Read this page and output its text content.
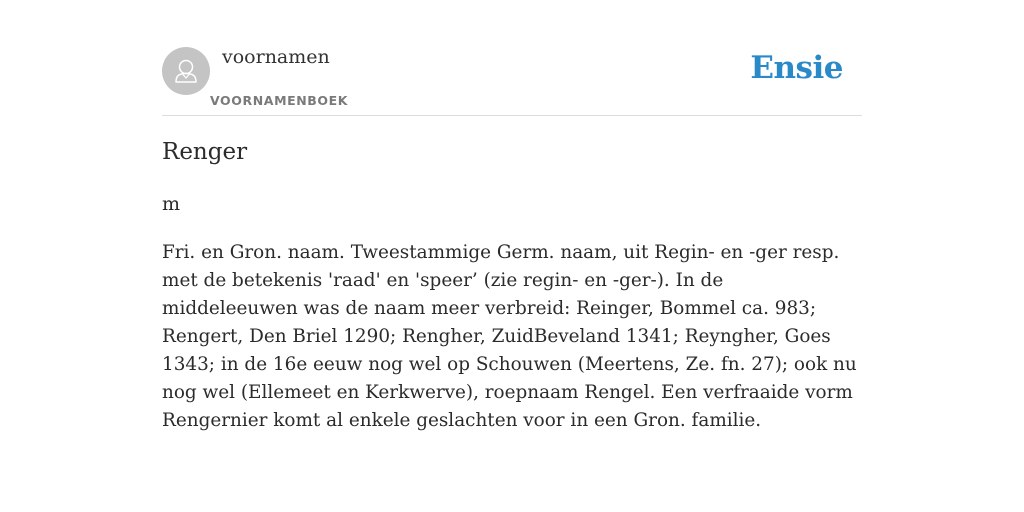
voornamen
VOORNAMENBOEK
Ensie
Renger
m

Fri. en Gron. naam. Tweestammige Germ. naam, uit Regin- en -ger resp. met de betekenis 'raad' en 'speer’ (zie regin- en -ger-). In de middeleeuwen was de naam meer verbreid: Reinger, Bommel ca. 983; Rengert, Den Briel 1290; Rengher, ZuidBeveland 1341; Reyngher, Goes 1343; in de 16e eeuw nog wel op Schouwen (Meertens, Ze. fn. 27); ook nu nog wel (Ellemeet en Kerkwerve), roepnaam Rengel. Een verfraaide vorm Rengernier komt al enkele geslachten voor in een Gron. familie.
